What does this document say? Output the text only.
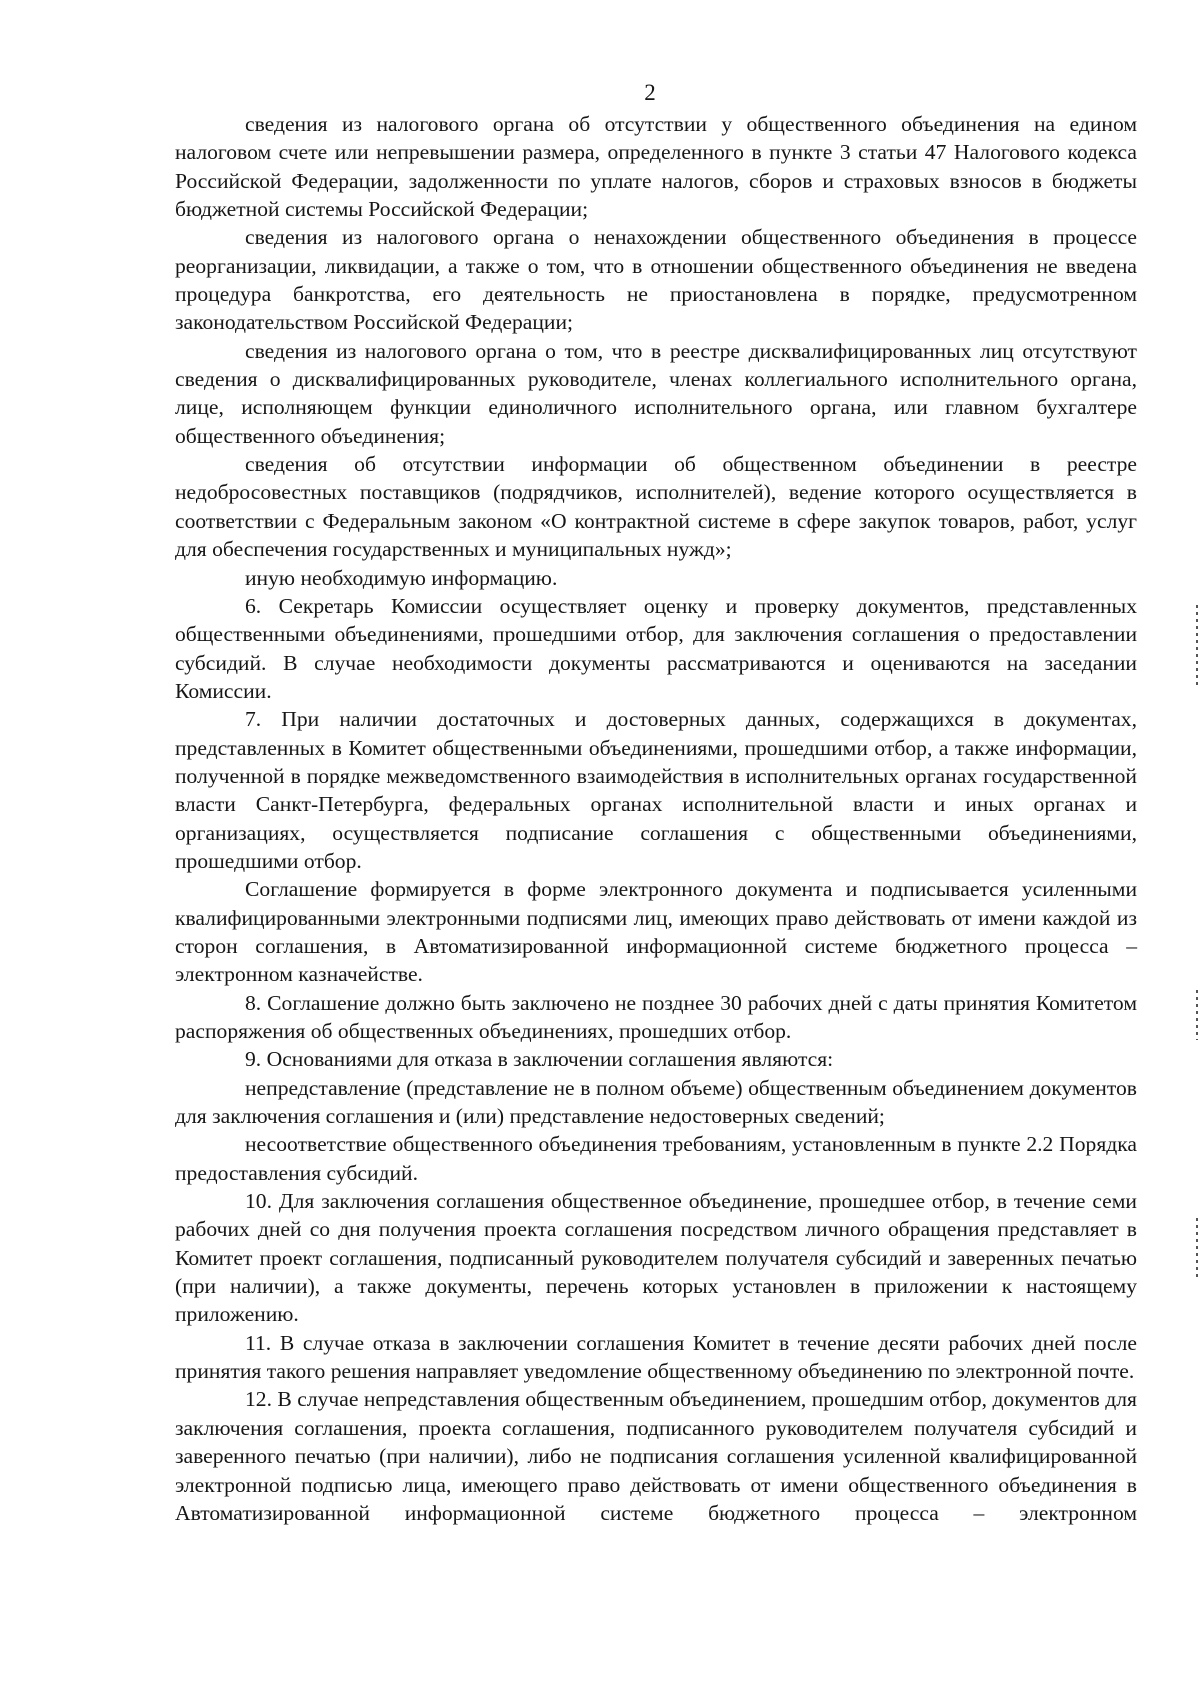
2

сведения из налогового органа об отсутствии у общественного объединения на едином налоговом счете или непревышении размера, определенного в пункте 3 статьи 47 Налогового кодекса Российской Федерации, задолженности по уплате налогов, сборов и страховых взносов в бюджеты бюджетной системы Российской Федерации;

сведения из налогового органа о ненахождении общественного объединения в процессе реорганизации, ликвидации, а также о том, что в отношении общественного объединения не введена процедура банкротства, его деятельность не приостановлена в порядке, предусмотренном законодательством Российской Федерации;

сведения из налогового органа о том, что в реестре дисквалифицированных лиц отсутствуют сведения о дисквалифицированных руководителе, членах коллегиального исполнительного органа, лице, исполняющем функции единоличного исполнительного органа, или главном бухгалтере общественного объединения;

сведения об отсутствии информации об общественном объединении в реестре недобросовестных поставщиков (подрядчиков, исполнителей), ведение которого осуществляется в соответствии с Федеральным законом «О контрактной системе в сфере закупок товаров, работ, услуг для обеспечения государственных и муниципальных нужд»;

иную необходимую информацию.

6. Секретарь Комиссии осуществляет оценку и проверку документов, представленных общественными объединениями, прошедшими отбор, для заключения соглашения о предоставлении субсидий. В случае необходимости документы рассматриваются и оцениваются на заседании Комиссии.

7. При наличии достаточных и достоверных данных, содержащихся в документах, представленных в Комитет общественными объединениями, прошедшими отбор, а также информации, полученной в порядке межведомственного взаимодействия в исполнительных органах государственной власти Санкт-Петербурга, федеральных органах исполнительной власти и иных органах и организациях, осуществляется подписание соглашения с общественными объединениями, прошедшими отбор.

Соглашение формируется в форме электронного документа и подписывается усиленными квалифицированными электронными подписями лиц, имеющих право действовать от имени каждой из сторон соглашения, в Автоматизированной информационной системе бюджетного процесса – электронном казначействе.

8. Соглашение должно быть заключено не позднее 30 рабочих дней с даты принятия Комитетом распоряжения об общественных объединениях, прошедших отбор.

9. Основаниями для отказа в заключении соглашения являются:

непредставление (представление не в полном объеме) общественным объединением документов для заключения соглашения и (или) представление недостоверных сведений;

несоответствие общественного объединения требованиям, установленным в пункте 2.2 Порядка предоставления субсидий.

10. Для заключения соглашения общественное объединение, прошедшее отбор, в течение семи рабочих дней со дня получения проекта соглашения посредством личного обращения представляет в Комитет проект соглашения, подписанный руководителем получателя субсидий и заверенных печатью (при наличии), а также документы, перечень которых установлен в приложении к настоящему приложению.

11. В случае отказа в заключении соглашения Комитет в течение десяти рабочих дней после принятия такого решения направляет уведомление общественному объединению по электронной почте.

12. В случае непредставления общественным объединением, прошедшим отбор, документов для заключения соглашения, проекта соглашения, подписанного руководителем получателя субсидий и заверенного печатью (при наличии), либо не подписания соглашения усиленной квалифицированной электронной подписью лица, имеющего право действовать от имени общественного объединения в Автоматизированной информационной системе бюджетного процесса – электронном
